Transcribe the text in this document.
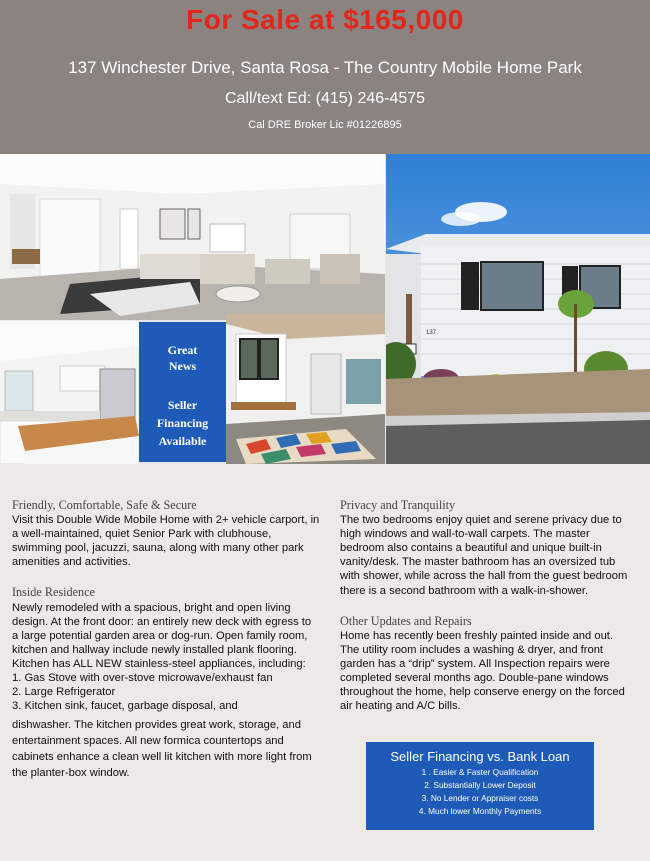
For Sale at $165,000
137 Winchester Drive, Santa Rosa - The Country Mobile Home Park
Call/text Ed: (415) 246-4575
Cal DRE Broker Lic #01226895
137
Great
News
Seller
Financing
Available
Friendly, Comfortable, Safe & Secure

Visit this Double Wide Mobile Home with 2+ vehicle carport, in a well-maintained, quiet Senior Park with clubhouse, swimming pool, jacuzzi, sauna, along with many other park amenities and activities.

Inside Residence

Newly remodeled with a spacious, bright and open living design. At the front door: an entirely new deck with egress to a large potential garden area or dog-run. Open family room, kitchen and hallway include newly installed plank flooring. Kitchen has ALL NEW stainless-steel appliances, including:

1. Gas Stove with over-stove microwave/exhaust fan
2. Large Refrigerator
3. Kitchen sink, faucet, garbage disposal, and

dishwasher. The kitchen provides great work, storage, and entertainment spaces. All new formica countertops and cabinets enhance a clean well lit kitchen with more light from the planter-box window.

Privacy and Tranquility

The two bedrooms enjoy quiet and serene privacy due to high windows and wall-to-wall carpets. The master bedroom also contains a beautiful and unique built-in vanity/desk. The master bathroom has an oversized tub with shower, while across the hall from the guest bedroom there is a second bathroom with a walk-in-shower.

Other Updates and Repairs

Home has recently been freshly painted inside and out. The utility room includes a washing & dryer, and front garden has a “drip” system. All Inspection repairs were completed several months ago. Double-pane windows throughout the home, help conserve energy on the forced air heating and A/C bills.

Seller Financing vs. Bank Loan
1 . Easier & Faster Qualification
2. Substantially Lower Deposit
3. No Lender or Appraiser costs
4. Much lower Monthly Payments
